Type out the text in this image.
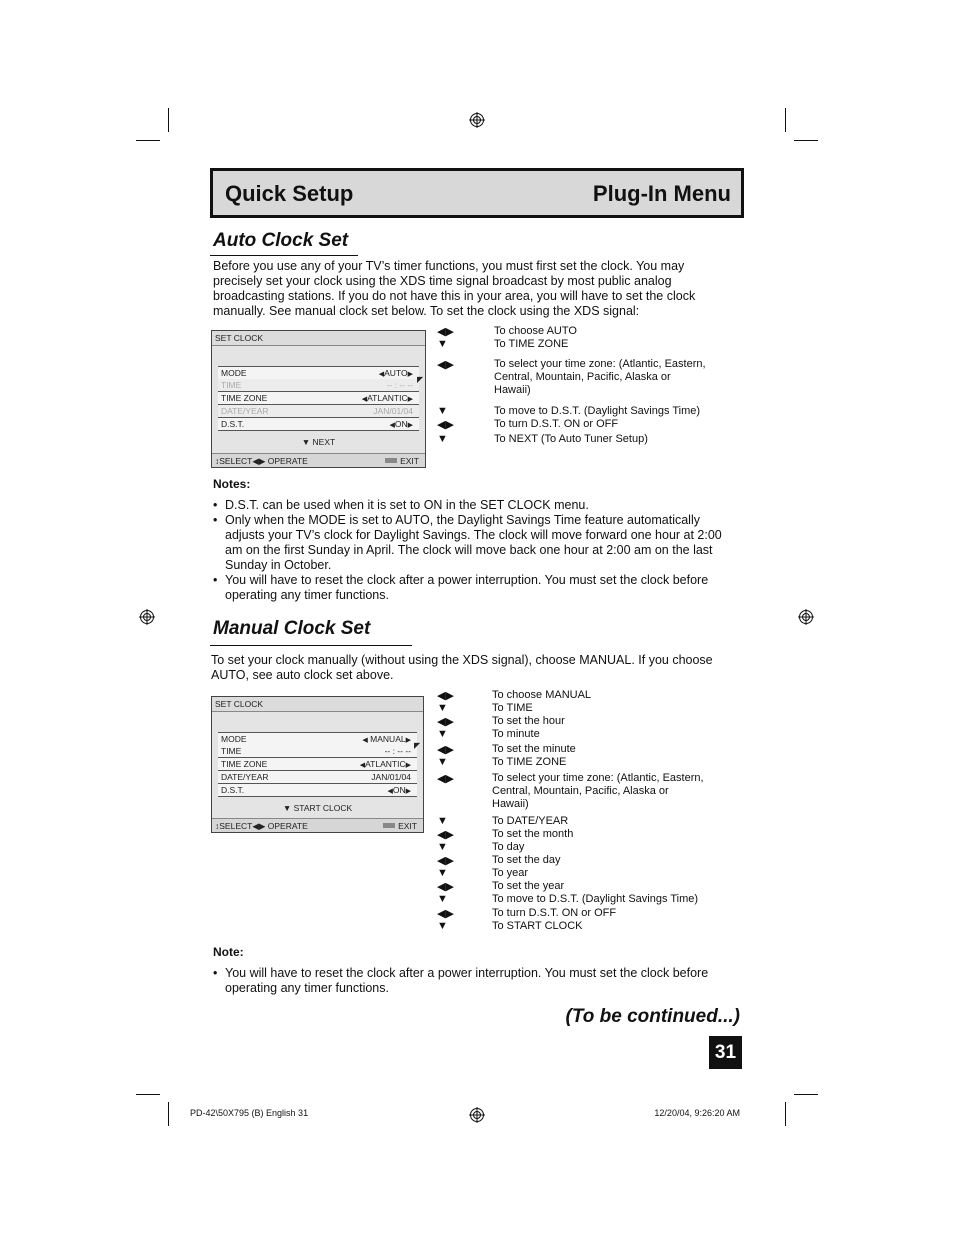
Quick Setup	Plug-In Menu
Auto Clock Set
Before you use any of your TV’s timer functions, you must first set the clock. You may
precisely set your clock using the XDS time signal broadcast by most public analog
broadcasting stations. If you do not have this in your area, you will have to set the clock
manually. See manual clock set below. To set the clock using the XDS signal:
SET CLOCK
MODE	◀AUTO▶
TIME	-- : -- --
TIME ZONE	◀ATLANTIC▶
DATE/YEAR	JAN/01/04
D.S.T.	◀ON▶
◤
▼ NEXT
↕SELECT◀▶ OPERATE	EXIT
◀▶	To choose AUTO
▼	To TIME ZONE
◀▶	To select your time zone: (Atlantic, Eastern,
Central, Mountain, Pacific, Alaska or
Hawaii)
▼	To move to D.S.T. (Daylight Savings Time)
◀▶	To turn D.S.T. ON or OFF
▼	To NEXT (To Auto Tuner Setup)
Notes:
• D.S.T. can be used when it is set to ON in the SET CLOCK menu.
• Only when the MODE is set to AUTO, the Daylight Savings Time feature automatically
adjusts your TV’s clock for Daylight Savings. The clock will move forward one hour at 2:00
am on the first Sunday in April. The clock will move back one hour at 2:00 am on the last
Sunday in October.
• You will have to reset the clock after a power interruption. You must set the clock before
operating any timer functions.
Manual Clock Set
To set your clock manually (without using the XDS signal), choose MANUAL. If you choose
AUTO, see auto clock set above.
SET CLOCK
MODE	◀ MANUAL▶
TIME	-- : -- --
TIME ZONE	◀ATLANTIC▶
DATE/YEAR	JAN/01/04
D.S.T.	◀ON▶
◤
▼ START CLOCK
↕SELECT◀▶ OPERATE	EXIT
◀▶	To choose MANUAL
▼	To TIME
◀▶	To set the hour
▼	To minute
◀▶	To set the minute
▼	To TIME ZONE
◀▶	To select your time zone: (Atlantic, Eastern,
Central, Mountain, Pacific, Alaska or
Hawaii)
▼	To DATE/YEAR
◀▶	To set the month
▼	To day
◀▶	To set the day
▼	To year
◀▶	To set the year
▼	To move to D.S.T. (Daylight Savings Time)
◀▶	To turn D.S.T. ON or OFF
▼	To START CLOCK
Note:
• You will have to reset the clock after a power interruption. You must set the clock before
operating any timer functions.
(To be continued...)
31
PD-42\50X795 (B) English 31	12/20/04, 9:26:20 AM
